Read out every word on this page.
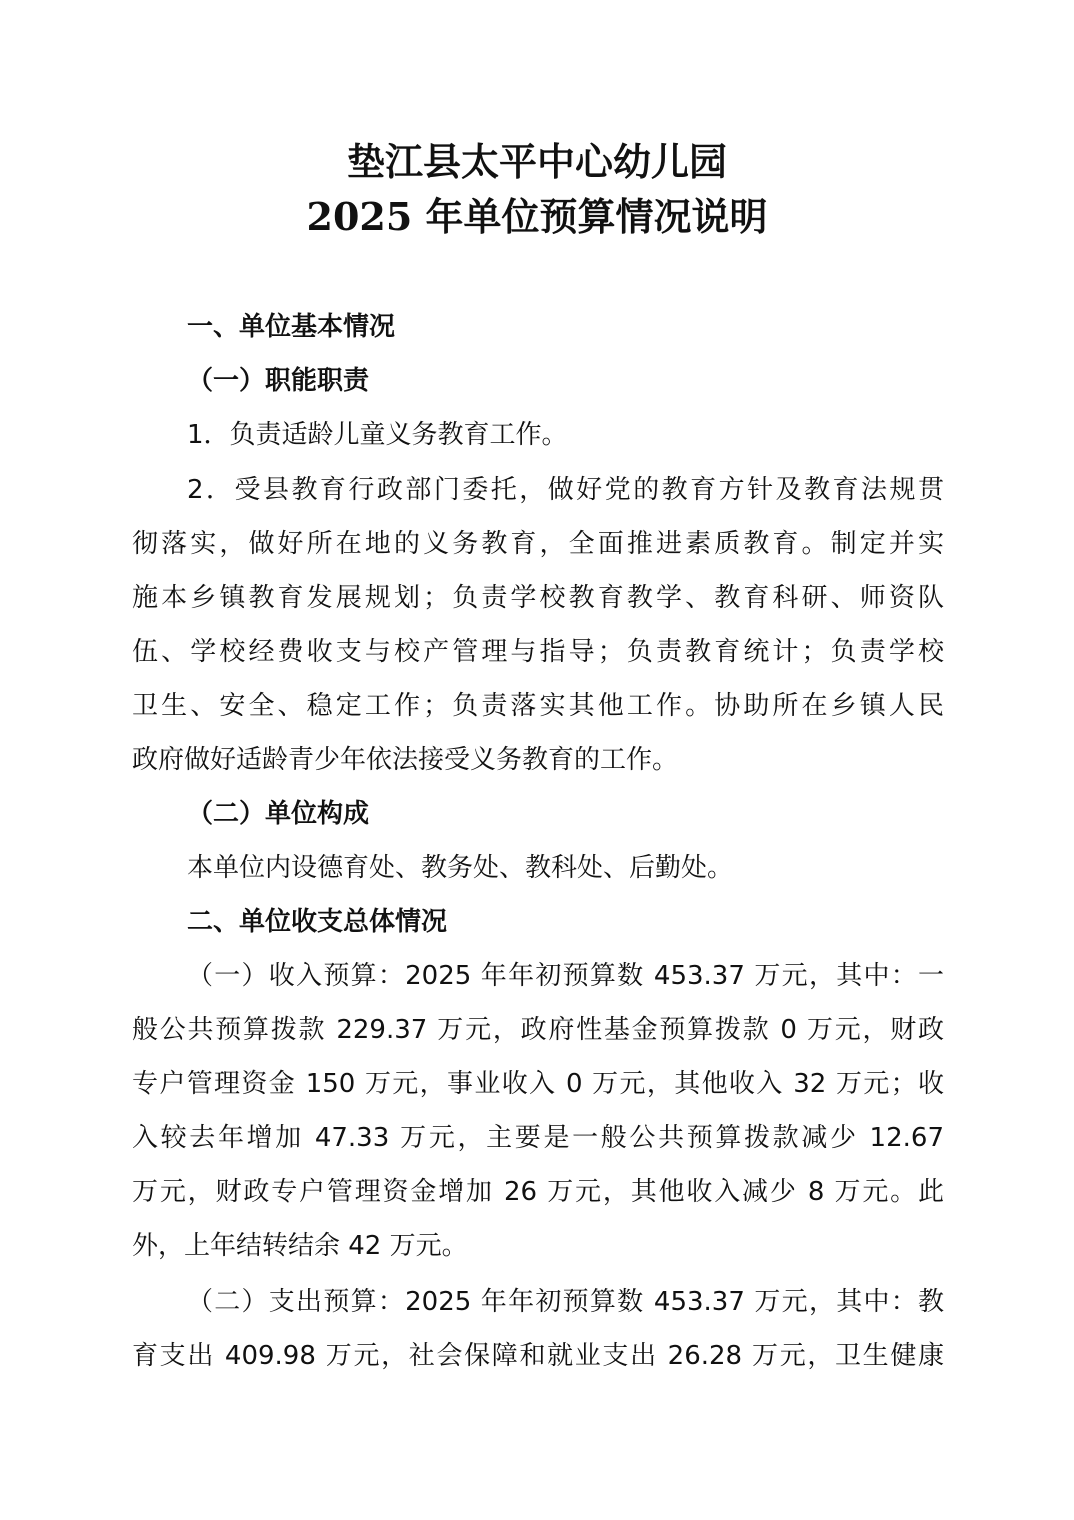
垫江县太平中心幼儿园
2025 年单位预算情况说明
一、单位基本情况
（一）职能职责
1．负责适龄儿童义务教育工作。
2．受县教育行政部门委托，做好党的教育方针及教育法规贯
彻落实，做好所在地的义务教育，全面推进素质教育。制定并实
施本乡镇教育发展规划；负责学校教育教学、教育科研、师资队
伍、学校经费收支与校产管理与指导；负责教育统计；负责学校
卫生、安全、稳定工作；负责落实其他工作。协助所在乡镇人民
政府做好适龄青少年依法接受义务教育的工作。
（二）单位构成
本单位内设德育处、教务处、教科处、后勤处。
二、单位收支总体情况
（一）收入预算：2025 年年初预算数 453.37 万元，其中：一
般公共预算拨款 229.37 万元，政府性基金预算拨款 0 万元，财政
专户管理资金 150 万元，事业收入 0 万元，其他收入 32 万元；收
入较去年增加 47.33 万元，主要是一般公共预算拨款减少 12.67
万元，财政专户管理资金增加 26 万元，其他收入减少 8 万元。此
外，上年结转结余 42 万元。
（二）支出预算：2025 年年初预算数 453.37 万元，其中：教
育支出 409.98 万元，社会保障和就业支出 26.28 万元，卫生健康
